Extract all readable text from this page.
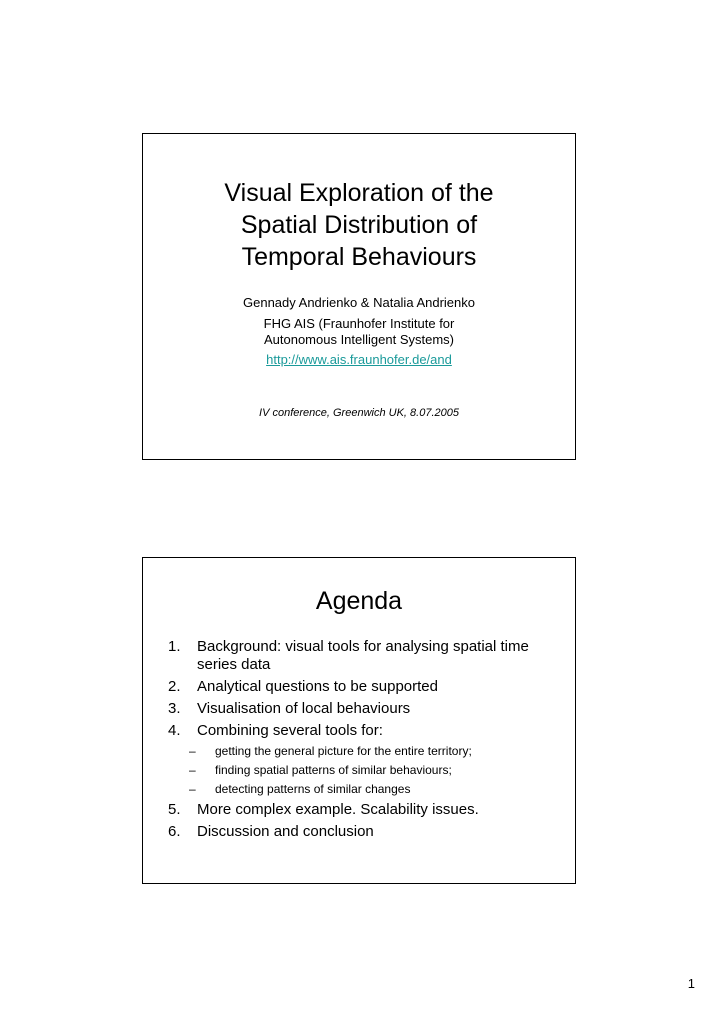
Visual Exploration of the
Spatial Distribution of
Temporal Behaviours
Gennady Andrienko & Natalia Andrienko
FHG AIS (Fraunhofer Institute for
Autonomous Intelligent Systems)
http://www.ais.fraunhofer.de/and
IV conference, Greenwich UK, 8.07.2005
Agenda
1. Background: visual tools for analysing spatial time series data
2. Analytical questions to be supported
3. Visualisation of local behaviours
4. Combining several tools for:
– getting the general picture for the entire territory;
– finding spatial patterns of similar behaviours;
– detecting patterns of similar changes
5. More complex example. Scalability issues.
6. Discussion and conclusion
1
